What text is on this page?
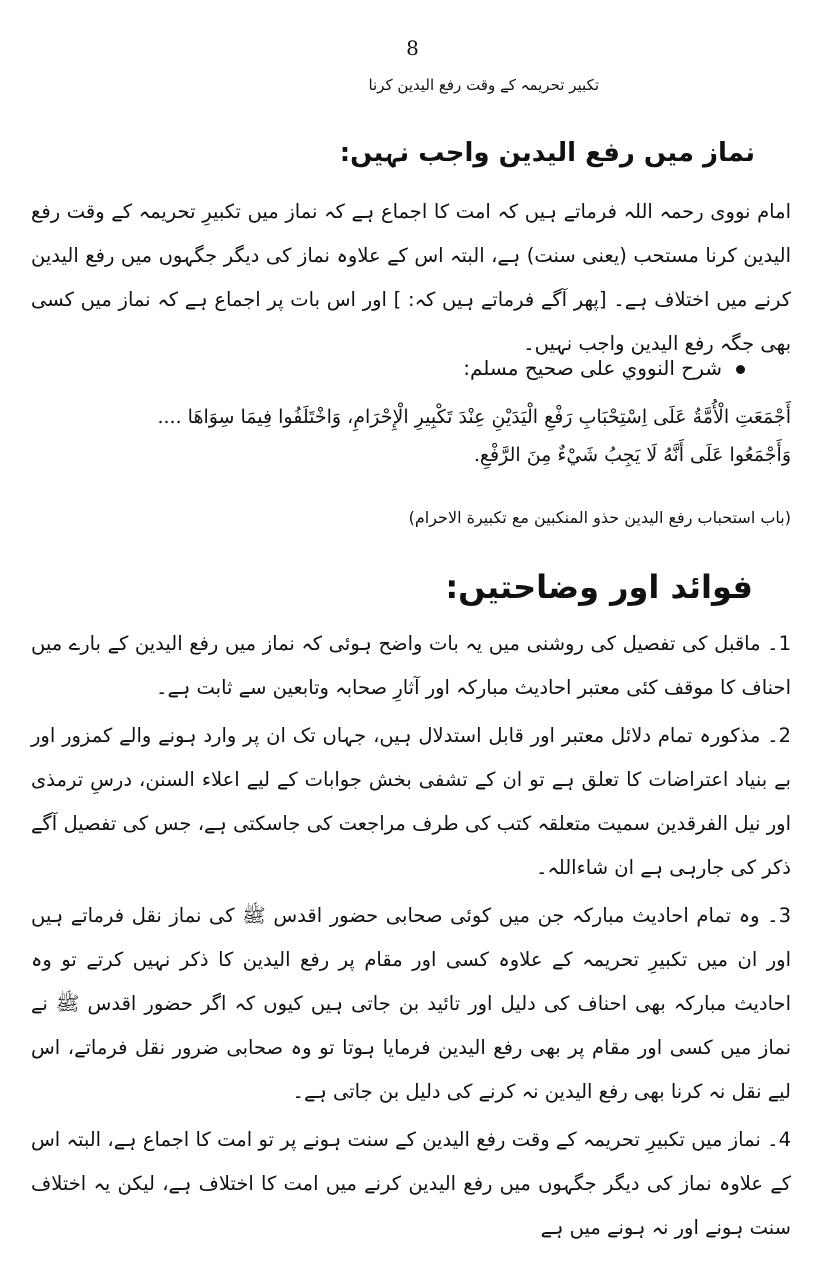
8
تکبیر تحریمہ کے وقت رفع الیدین کرنا
نماز میں رفع الیدین واجب نہیں:

امام نووی رحمہ اللہ فرماتے ہیں کہ امت کا اجماع ہے کہ نماز میں تکبیرِ تحریمہ کے وقت رفع الیدین کرنا مستحب (یعنی سنت) ہے، البتہ اس کے علاوہ نماز کی دیگر جگہوں میں رفع الیدین کرنے میں اختلاف ہے۔ [پھر آگے فرماتے ہیں کہ: ] اور اس بات پر اجماع ہے کہ نماز میں کسی بھی جگہ رفع الیدین واجب نہیں۔

شرح النووي على صحيح مسلم:

أَجْمَعَتِ الْأُمَّةُ عَلَى اِسْتِحْبَابِ رَفْعِ الْيَدَيْنِ عِنْدَ تَكْبِيرِ الْإِحْرَامِ، وَاخْتَلَفُوا فِيمَا سِوَاهَا ....

وَأَجْمَعُوا عَلَى أَنَّهُ لَا يَجِبُ شَيْءٌ مِنَ الرَّفْعِ.

(باب استحباب رفع اليدين حذو المنكبين مع تكبيرة الاحرام)
فوائد اور وضاحتیں:

1۔ ماقبل کی تفصیل کی روشنی میں یہ بات واضح ہوئی کہ نماز میں رفع الیدین کے بارے میں احناف کا موقف کئی معتبر احادیث مبارکہ اور آثارِ صحابہ وتابعین سے ثابت ہے۔

2۔ مذکورہ تمام دلائل معتبر اور قابل استدلال ہیں، جہاں تک ان پر وارد ہونے والے کمزور اور بے بنیاد اعتراضات کا تعلق ہے تو ان کے تشفی بخش جوابات کے لیے اعلاء السنن، درسِ ترمذی اور نیل الفرقدین سمیت متعلقہ کتب کی طرف مراجعت کی جاسکتی ہے، جس کی تفصیل آگے ذکر کی جارہی ہے ان شاءاللہ۔

3۔ وہ تمام احادیث مبارکہ جن میں کوئی صحابی حضور اقدس ﷺ کی نماز نقل فرماتے ہیں اور ان میں تکبیرِ تحریمہ کے علاوہ کسی اور مقام پر رفع الیدین کا ذکر نہیں کرتے تو وہ احادیث مبارکہ بھی احناف کی دلیل اور تائید بن جاتی ہیں کیوں کہ اگر حضور اقدس ﷺ نے نماز میں کسی اور مقام پر بھی رفع الیدین فرمایا ہوتا تو وہ صحابی ضرور نقل فرماتے، اس لیے نقل نہ کرنا بھی رفع الیدین نہ کرنے کی دلیل بن جاتی ہے۔

4۔ نماز میں تکبیرِ تحریمہ کے وقت رفع الیدین کے سنت ہونے پر تو امت کا اجماع ہے، البتہ اس کے علاوہ نماز کی دیگر جگہوں میں رفع الیدین کرنے میں امت کا اختلاف ہے، لیکن یہ اختلاف سنت ہونے اور نہ ہونے میں ہے
